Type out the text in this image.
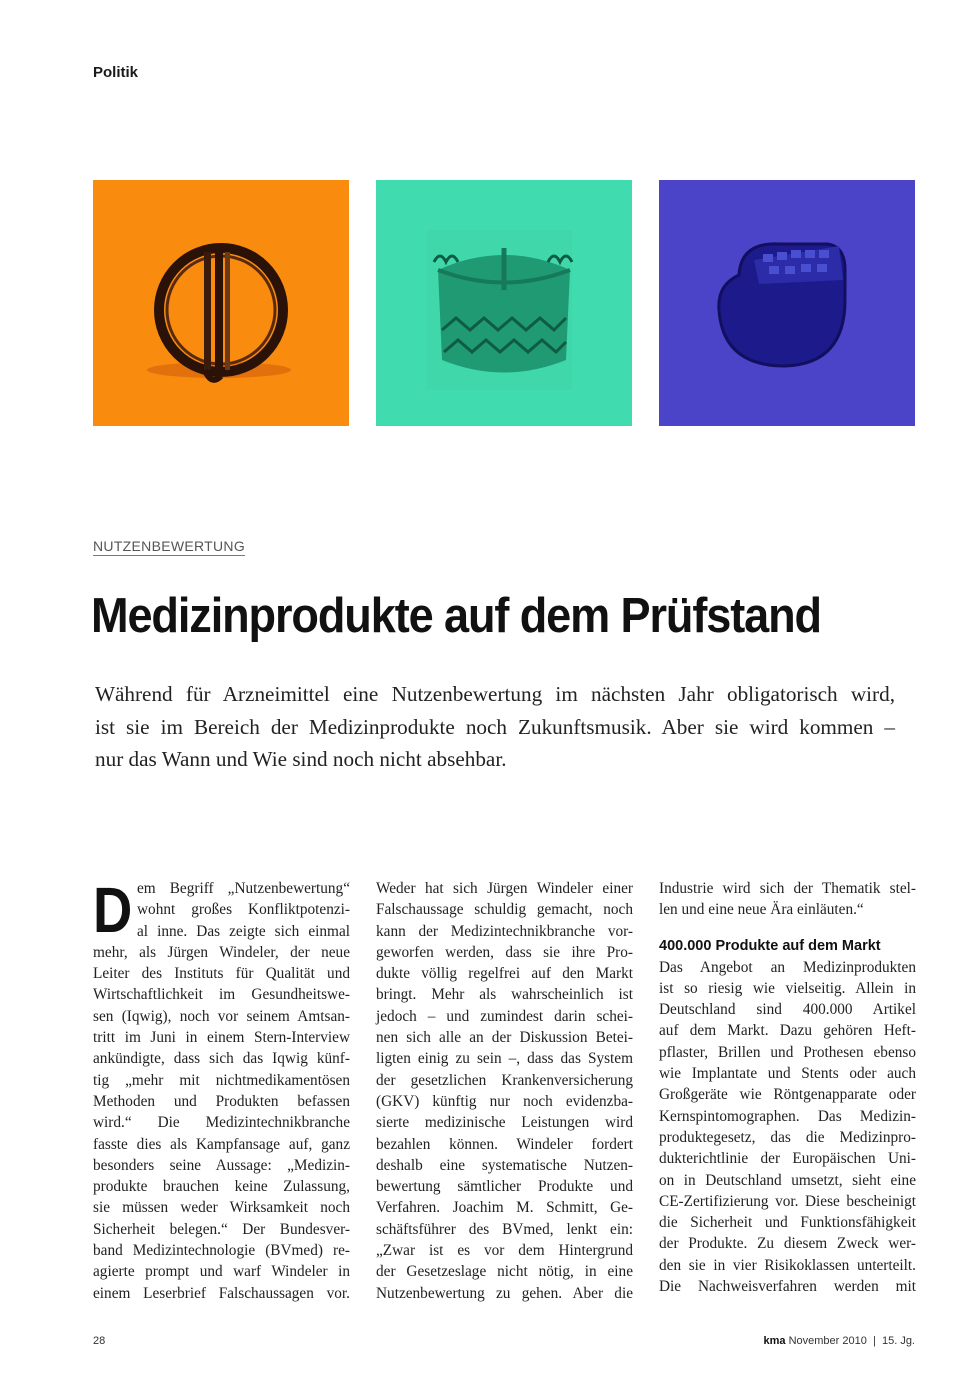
Politik
NUTZENBEWERTUNG
Medizinprodukte auf dem Prüfstand

Während für Arzneimittel eine Nutzenbewertung im nächsten Jahr obligatorisch wird,
ist sie im Bereich der Medizinprodukte noch Zukunftsmusik. Aber sie wird kommen –
nur das Wann und Wie sind noch nicht absehbar.

D em Begriff „Nutzenbewertung“
wohnt großes Konfliktpotenzi-
al inne. Das zeigte sich einmal
mehr, als Jürgen Windeler, der neue
Leiter des Instituts für Qualität und
Wirtschaftlichkeit im Gesundheitswe-
sen (Iqwig), noch vor seinem Amtsan-
tritt im Juni in einem Stern-Interview
ankündigte, dass sich das Iqwig künf-
tig „mehr mit nichtmedikamentösen
Methoden und Produkten befassen
wird.“ Die Medizintechnikbranche
fasste dies als Kampfansage auf, ganz
besonders seine Aussage: „Medizin-
produkte brauchen keine Zulassung,
sie müssen weder Wirksamkeit noch
Sicherheit belegen.“ Der Bundesver-
band Medizintechnologie (BVmed) re-
agierte prompt und warf Windeler in
einem Leserbrief Falschaussagen vor.
Weder hat sich Jürgen Windeler einer
Falschaussage schuldig gemacht, noch
kann der Medizintechnikbranche vor-
geworfen werden, dass sie ihre Pro-
dukte völlig regelfrei auf den Markt
bringt. Mehr als wahrscheinlich ist
jedoch – und zumindest darin schei-
nen sich alle an der Diskussion Betei-
ligten einig zu sein –, dass das System
der gesetzlichen Krankenversicherung
(GKV) künftig nur noch evidenzba-
sierte medizinische Leistungen wird
bezahlen können. Windeler fordert
deshalb eine systematische Nutzen-
bewertung sämtlicher Produkte und
Verfahren. Joachim M. Schmitt, Ge-
schäftsführer des BVmed, lenkt ein:
„Zwar ist es vor dem Hintergrund
der Gesetzeslage nicht nötig, in eine
Nutzenbewertung zu gehen. Aber die
Industrie wird sich der Thematik stel-
len und eine neue Ära einläuten.“
400.000 Produkte auf dem Markt
Das Angebot an Medizinprodukten
ist so riesig wie vielseitig. Allein in
Deutschland sind 400.000 Artikel
auf dem Markt. Dazu gehören Heft-
pflaster, Brillen und Prothesen ebenso
wie Implantate und Stents oder auch
Großgeräte wie Röntgenapparate oder
Kernspintomographen. Das Medizin-
produktegesetz, das die Medizinpro-
dukterichtlinie der Europäischen Uni-
on in Deutschland umsetzt, sieht eine
CE-Zertifizierung vor. Diese bescheinigt
die Sicherheit und Funktionsfähigkeit
der Produkte. Zu diesem Zweck wer-
den sie in vier Risikoklassen unterteilt.
Die Nachweisverfahren werden mit
28	kma November 2010 | 15. Jg.
